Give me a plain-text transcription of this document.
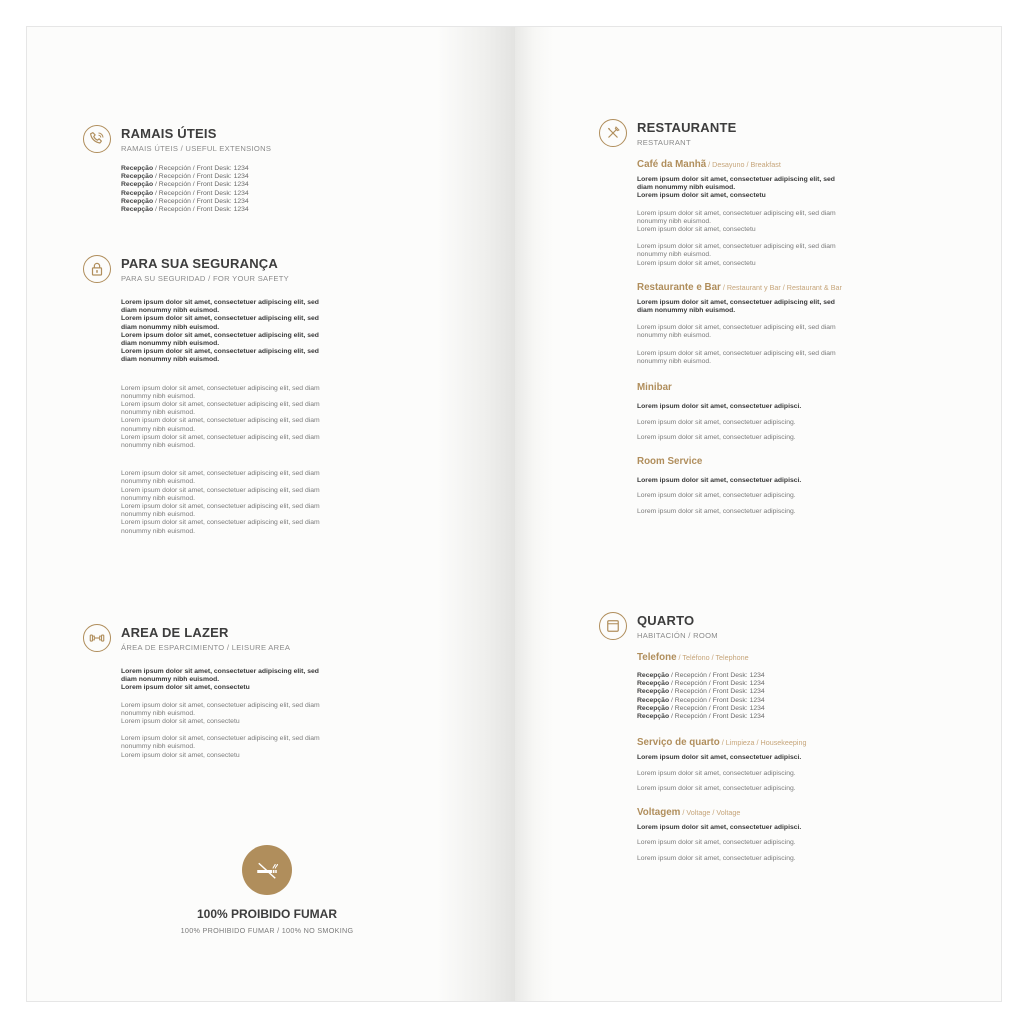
RAMAIS ÚTEIS
RAMAIS ÚTEIS / USEFUL EXTENSIONS
Recepção / Recepción / Front Desk: 1234
Recepção / Recepción / Front Desk: 1234
Recepção / Recepción / Front Desk: 1234
Recepção / Recepción / Front Desk: 1234
Recepção / Recepción / Front Desk: 1234
Recepção / Recepción / Front Desk: 1234
PARA SUA SEGURANÇA
PARA SU SEGURIDAD / FOR YOUR SAFETY
Lorem ipsum dolor sit amet, consectetuer adipiscing elit, sed
diam nonummy nibh euismod.
Lorem ipsum dolor sit amet, consectetuer adipiscing elit, sed
diam nonummy nibh euismod.
Lorem ipsum dolor sit amet, consectetuer adipiscing elit, sed
diam nonummy nibh euismod.
Lorem ipsum dolor sit amet, consectetuer adipiscing elit, sed
diam nonummy nibh euismod.
Lorem ipsum dolor sit amet, consectetuer adipiscing elit, sed diam
nonummy nibh euismod.
Lorem ipsum dolor sit amet, consectetuer adipiscing elit, sed diam
nonummy nibh euismod.
Lorem ipsum dolor sit amet, consectetuer adipiscing elit, sed diam
nonummy nibh euismod.
Lorem ipsum dolor sit amet, consectetuer adipiscing elit, sed diam
nonummy nibh euismod.
Lorem ipsum dolor sit amet, consectetuer adipiscing elit, sed diam
nonummy nibh euismod.
Lorem ipsum dolor sit amet, consectetuer adipiscing elit, sed diam
nonummy nibh euismod.
Lorem ipsum dolor sit amet, consectetuer adipiscing elit, sed diam
nonummy nibh euismod.
Lorem ipsum dolor sit amet, consectetuer adipiscing elit, sed diam
nonummy nibh euismod.
AREA DE LAZER
ÁREA DE ESPARCIMIENTO / LEISURE AREA
Lorem ipsum dolor sit amet, consectetuer adipiscing elit, sed
diam nonummy nibh euismod.
Lorem ipsum dolor sit amet, consectetu
Lorem ipsum dolor sit amet, consectetuer adipiscing elit, sed diam
nonummy nibh euismod.
Lorem ipsum dolor sit amet, consectetu
Lorem ipsum dolor sit amet, consectetuer adipiscing elit, sed diam
nonummy nibh euismod.
Lorem ipsum dolor sit amet, consectetu
100% PROIBIDO FUMAR
100% PROHIBIDO FUMAR / 100% NO SMOKING
RESTAURANTE
RESTAURANT
Café da Manhã / Desayuno / Breakfast
Lorem ipsum dolor sit amet, consectetuer adipiscing elit, sed
diam nonummy nibh euismod.
Lorem ipsum dolor sit amet, consectetu
Lorem ipsum dolor sit amet, consectetuer adipiscing elit, sed diam
nonummy nibh euismod.
Lorem ipsum dolor sit amet, consectetu
Lorem ipsum dolor sit amet, consectetuer adipiscing elit, sed diam
nonummy nibh euismod.
Lorem ipsum dolor sit amet, consectetu
Restaurante e Bar / Restaurant y Bar / Restaurant & Bar
Lorem ipsum dolor sit amet, consectetuer adipiscing elit, sed
diam nonummy nibh euismod.
Lorem ipsum dolor sit amet, consectetuer adipiscing elit, sed diam
nonummy nibh euismod.
Lorem ipsum dolor sit amet, consectetuer adipiscing elit, sed diam
nonummy nibh euismod.
Minibar
Lorem ipsum dolor sit amet, consectetuer adipisci.
Lorem ipsum dolor sit amet, consectetuer adipiscing.
Lorem ipsum dolor sit amet, consectetuer adipiscing.
Room Service
Lorem ipsum dolor sit amet, consectetuer adipisci.
Lorem ipsum dolor sit amet, consectetuer adipiscing.
Lorem ipsum dolor sit amet, consectetuer adipiscing.
QUARTO
HABITACIÓN / ROOM
Telefone / Teléfono / Telephone
Recepção / Recepción / Front Desk: 1234
Recepção / Recepción / Front Desk: 1234
Recepção / Recepción / Front Desk: 1234
Recepção / Recepción / Front Desk: 1234
Recepção / Recepción / Front Desk: 1234
Recepção / Recepción / Front Desk: 1234
Serviço de quarto / Limpieza / Housekeeping
Lorem ipsum dolor sit amet, consectetuer adipisci.
Lorem ipsum dolor sit amet, consectetuer adipiscing.
Lorem ipsum dolor sit amet, consectetuer adipiscing.
Voltagem / Voltage / Voltage
Lorem ipsum dolor sit amet, consectetuer adipisci.
Lorem ipsum dolor sit amet, consectetuer adipiscing.
Lorem ipsum dolor sit amet, consectetuer adipiscing.
